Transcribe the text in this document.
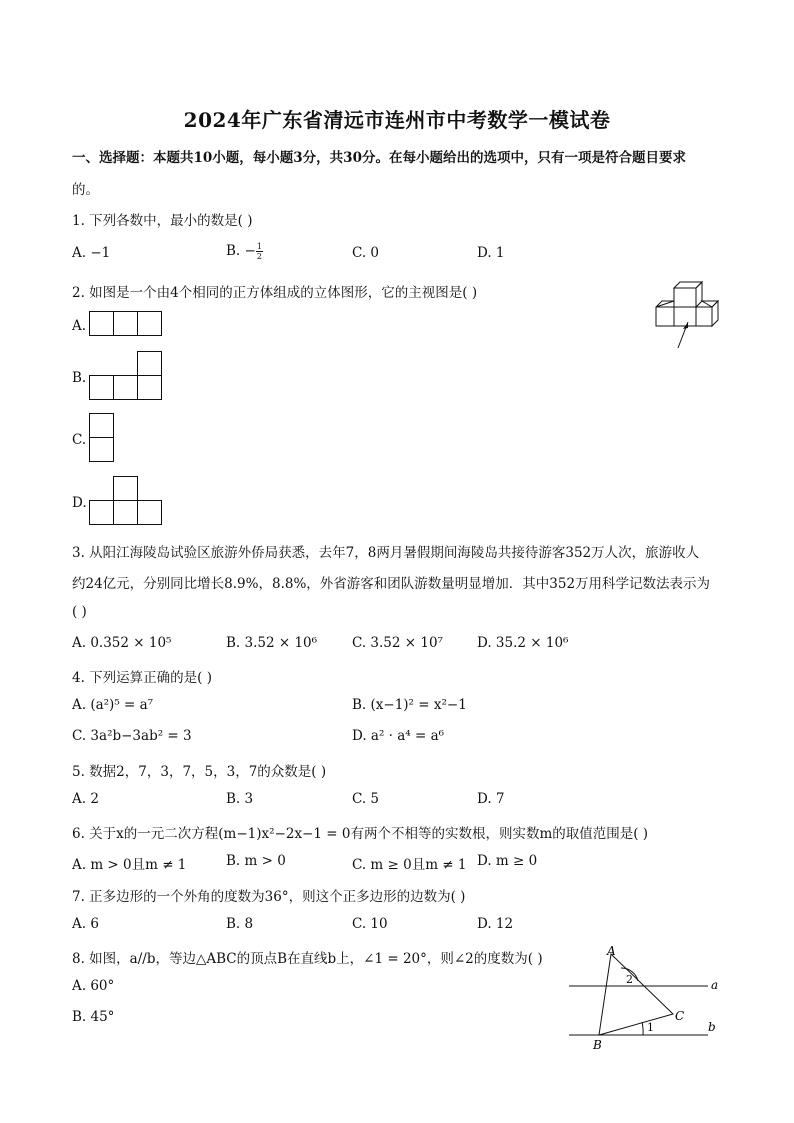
2024年广东省清远市连州市中考数学一模试卷
一、选择题：本题共10小题，每小题3分，共30分。在每小题给出的选项中，只有一项是符合题目要求
的。
1. 下列各数中，最小的数是( )
A. −1	B. − $\frac{1}{2}$	C. 0	D. 1
2. 如图是一个由4个相同的正方体组成的立体图形，它的主视图是( )
A.
B.
C.
D.
3. 从阳江海陵岛试验区旅游外侨局获悉，去年7，8两月暑假期间海陵岛共接待游客352万人次，旅游收人
约24亿元，分别同比增长8.9%，8.8%，外省游客和团队游数量明显增加．其中352万用科学记数法表示为
( )
A. 0.352 × 10⁵	B. 3.52 × 10⁶	C. 3.52 × 10⁷	D. 35.2 × 10⁶
4. 下列运算正确的是( )
A. (a²)⁵ = a⁷	B. (x−1)² = x²−1
C. 3a²b−3ab² = 3	D. a² · a⁴ = a⁶
5. 数据2，7，3，7，5，3，7的众数是( )
A. 2	B. 3	C. 5	D. 7
6. 关于x的一元二次方程(m−1)x²−2x−1 = 0有两个不相等的实数根，则实数m的取值范围是( )
A. m > 0且m ≠ 1	B. m > 0	C. m ≥ 0且m ≠ 1 D. m ≥ 0
7. 正多边形的一个外角的度数为36°，则这个正多边形的边数为( )
A. 6	B. 8	C. 10	D. 12
8. 如图，a//b，等边△ABC的顶点B在直线b上，∠1 = 20°，则∠2的度数为( )
A. 60°
B. 45°
A
B
C
a
b
1
2
